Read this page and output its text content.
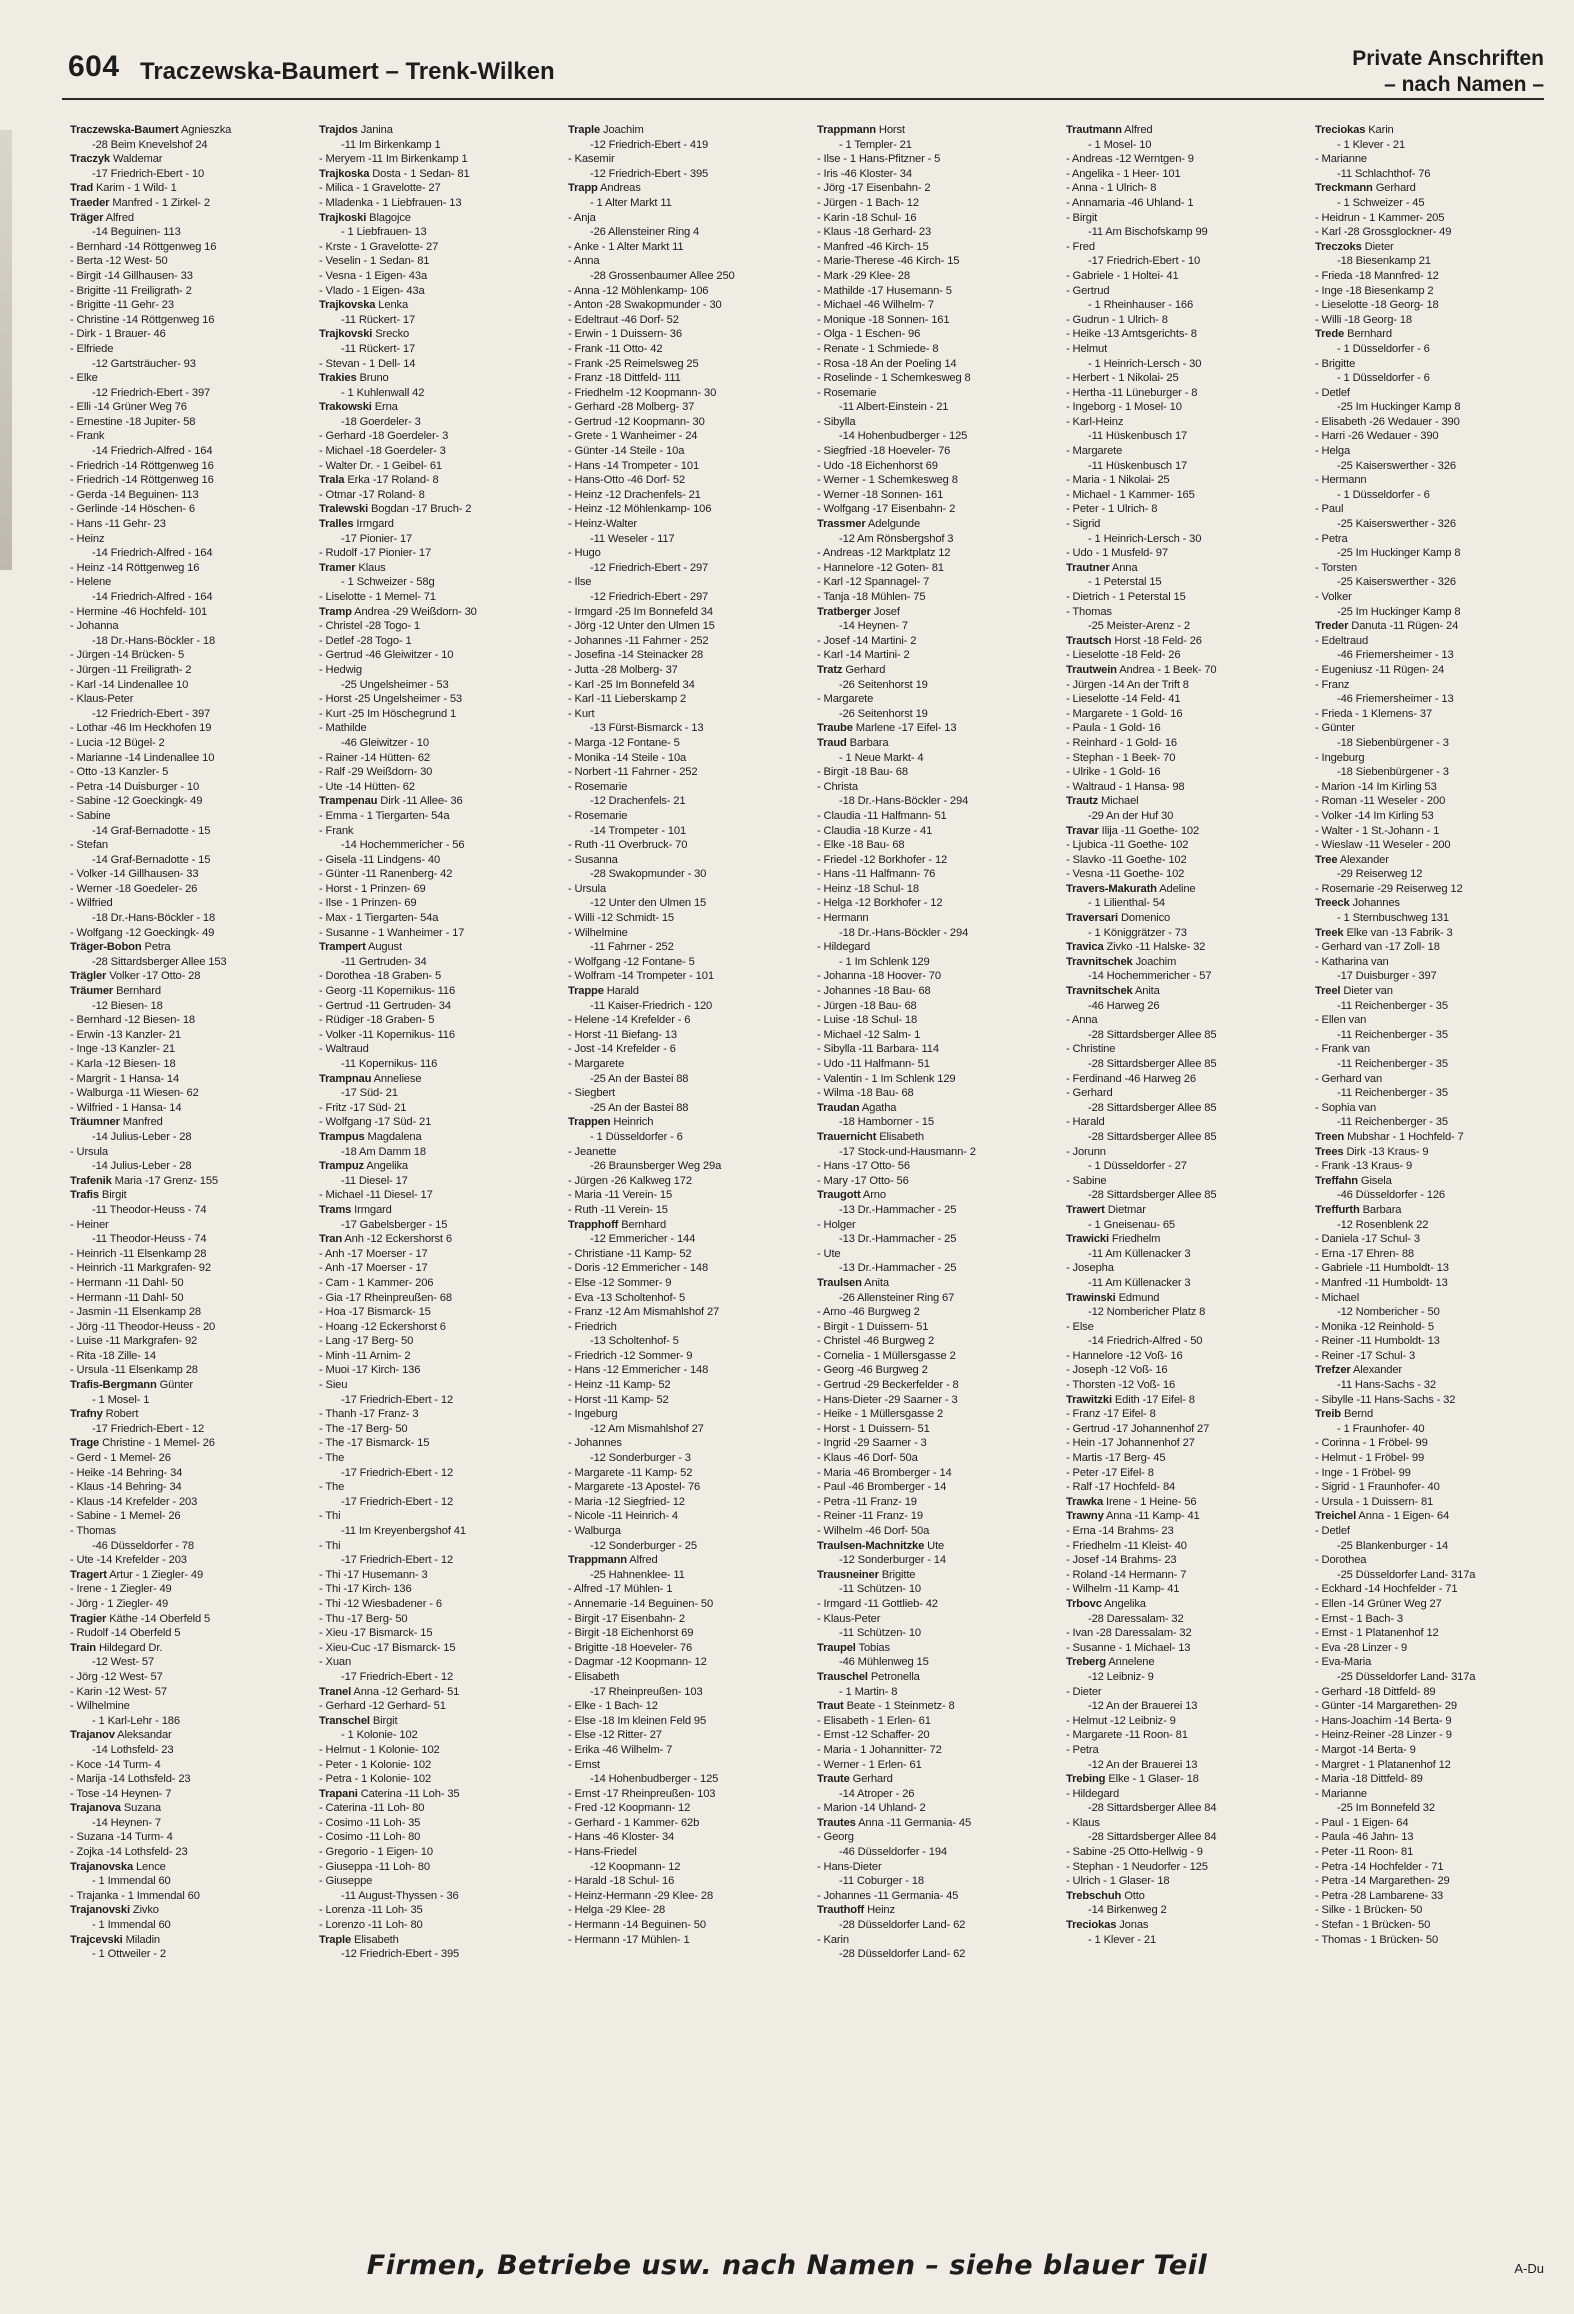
604 Traczewska-Baumert – Trenk-Wilken	Private Anschriften
– nach Namen –
Traczewska-Baumert Agnieszka
-28 Beim Knevelshof 24
Traczyk Waldemar
-17 Friedrich-Ebert - 10
Trad Karim - 1 Wild- 1
Traeder Manfred - 1 Zirkel- 2
Träger Alfred
-14 Beguinen- 113
- Bernhard -14 Röttgenweg 16
- Berta -12 West- 50
- Birgit -14 Gillhausen- 33
- Brigitte -11 Freiligrath- 2
- Brigitte -11 Gehr- 23
- Christine -14 Röttgenweg 16
- Dirk - 1 Brauer- 46
- Elfriede
-12 Gartsträucher- 93
- Elke
-12 Friedrich-Ebert - 397
- Elli -14 Grüner Weg 76
- Ernestine -18 Jupiter- 58
- Frank
-14 Friedrich-Alfred - 164
- Friedrich -14 Röttgenweg 16
- Friedrich -14 Röttgenweg 16
- Gerda -14 Beguinen- 113
- Gerlinde -14 Höschen- 6
- Hans -11 Gehr- 23
- Heinz
-14 Friedrich-Alfred - 164
- Heinz -14 Röttgenweg 16
- Helene
-14 Friedrich-Alfred - 164
- Hermine -46 Hochfeld- 101
- Johanna
-18 Dr.-Hans-Böckler - 18
- Jürgen -14 Brücken- 5
- Jürgen -11 Freiligrath- 2
- Karl -14 Lindenallee 10
- Klaus-Peter
-12 Friedrich-Ebert - 397
- Lothar -46 Im Heckhofen 19
- Lucia -12 Bügel- 2
- Marianne -14 Lindenallee 10
- Otto -13 Kanzler- 5
- Petra -14 Duisburger - 10
- Sabine -12 Goeckingk- 49
- Sabine
-14 Graf-Bernadotte - 15
- Stefan
-14 Graf-Bernadotte - 15
- Volker -14 Gillhausen- 33
- Werner -18 Goedeler- 26
- Wilfried
-18 Dr.-Hans-Böckler - 18
- Wolfgang -12 Goeckingk- 49
Träger-Bobon Petra
-28 Sittardsberger Allee 153
Trägler Volker -17 Otto- 28
Träumer Bernhard
-12 Biesen- 18
- Bernhard -12 Biesen- 18
- Erwin -13 Kanzler- 21
- Inge -13 Kanzler- 21
- Karla -12 Biesen- 18
- Margrit - 1 Hansa- 14
- Walburga -11 Wiesen- 62
- Wilfried - 1 Hansa- 14
Träumner Manfred
-14 Julius-Leber - 28
- Ursula
-14 Julius-Leber - 28
Trafenik Maria -17 Grenz- 155
Trafis Birgit
-11 Theodor-Heuss - 74
- Heiner
-11 Theodor-Heuss - 74
- Heinrich -11 Elsenkamp 28
- Heinrich -11 Markgrafen- 92
- Hermann -11 Dahl- 50
- Hermann -11 Dahl- 50
- Jasmin -11 Elsenkamp 28
- Jörg -11 Theodor-Heuss - 20
- Luise -11 Markgrafen- 92
- Rita -18 Zille- 14
- Ursula -11 Elsenkamp 28
Trafis-Bergmann Günter
- 1 Mosel- 1
Trafny Robert
-17 Friedrich-Ebert - 12
Trage Christine - 1 Memel- 26
- Gerd - 1 Memel- 26
- Heike -14 Behring- 34
- Klaus -14 Behring- 34
- Klaus -14 Krefelder - 203
- Sabine - 1 Memel- 26
- Thomas
-46 Düsseldorfer - 78
- Ute -14 Krefelder - 203
Tragert Artur - 1 Ziegler- 49
- Irene - 1 Ziegler- 49
- Jörg - 1 Ziegler- 49
Tragier Käthe -14 Oberfeld 5
- Rudolf -14 Oberfeld 5
Train Hildegard Dr.
-12 West- 57
- Jörg -12 West- 57
- Karin -12 West- 57
- Wilhelmine
- 1 Karl-Lehr - 186
Trajanov Aleksandar
-14 Lothsfeld- 23
- Koce -14 Turm- 4
- Marija -14 Lothsfeld- 23
- Tose -14 Heynen- 7
Trajanova Suzana
-14 Heynen- 7
- Suzana -14 Turm- 4
- Zojka -14 Lothsfeld- 23
Trajanovska Lence
- 1 Immendal 60
- Trajanka - 1 Immendal 60
Trajanovski Zivko
- 1 Immendal 60
Trajcevski Miladin
- 1 Ottweiler - 2
Trajdos Janina
-11 Im Birkenkamp 1
- Meryem -11 Im Birkenkamp 1
Trajkoska Dosta - 1 Sedan- 81
- Milica - 1 Gravelotte- 27
- Mladenka - 1 Liebfrauen- 13
Trajkoski Blagojce
- 1 Liebfrauen- 13
- Krste - 1 Gravelotte- 27
- Veselin - 1 Sedan- 81
- Vesna - 1 Eigen- 43a
- Vlado - 1 Eigen- 43a
Trajkovska Lenka
-11 Rückert- 17
Trajkovski Srecko
-11 Rückert- 17
- Stevan - 1 Dell- 14
Trakies Bruno
- 1 Kuhlenwall 42
Trakowski Erna
-18 Goerdeler- 3
- Gerhard -18 Goerdeler- 3
- Michael -18 Goerdeler- 3
- Walter Dr. - 1 Geibel- 61
Trala Erka -17 Roland- 8
- Otmar -17 Roland- 8
Tralewski Bogdan -17 Bruch- 2
Tralles Irmgard
-17 Pionier- 17
- Rudolf -17 Pionier- 17
Tramer Klaus
- 1 Schweizer - 58g
- Liselotte - 1 Memel- 71
Tramp Andrea -29 Weißdorn- 30
- Christel -28 Togo- 1
- Detlef -28 Togo- 1
- Gertrud -46 Gleiwitzer - 10
- Hedwig
-25 Ungelsheimer - 53
- Horst -25 Ungelsheimer - 53
- Kurt -25 Im Höschegrund 1
- Mathilde
-46 Gleiwitzer - 10
- Rainer -14 Hütten- 62
- Ralf -29 Weißdorn- 30
- Ute -14 Hütten- 62
Trampenau Dirk -11 Allee- 36
- Emma - 1 Tiergarten- 54a
- Frank
-14 Hochemmericher - 56
- Gisela -11 Lindgens- 40
- Günter -11 Ranenberg- 42
- Horst - 1 Prinzen- 69
- Ilse - 1 Prinzen- 69
- Max - 1 Tiergarten- 54a
- Susanne - 1 Wanheimer - 17
Trampert August
-11 Gertruden- 34
- Dorothea -18 Graben- 5
- Georg -11 Kopernikus- 116
- Gertrud -11 Gertruden- 34
- Rüdiger -18 Graben- 5
- Volker -11 Kopernikus- 116
- Waltraud
-11 Kopernikus- 116
Trampnau Anneliese
-17 Süd- 21
- Fritz -17 Süd- 21
- Wolfgang -17 Süd- 21
Trampus Magdalena
-18 Am Damm 18
Trampuz Angelika
-11 Diesel- 17
- Michael -11 Diesel- 17
Trams Irmgard
-17 Gabelsberger - 15
Tran Anh -12 Eckershorst 6
- Anh -17 Moerser - 17
- Anh -17 Moerser - 17
- Cam - 1 Kammer- 206
- Gia -17 Rheinpreußen- 68
- Hoa -17 Bismarck- 15
- Hoang -12 Eckershorst 6
- Lang -17 Berg- 50
- Minh -11 Arnim- 2
- Muoi -17 Kirch- 136
- Sieu
-17 Friedrich-Ebert - 12
- Thanh -17 Franz- 3
- The -17 Berg- 50
- The -17 Bismarck- 15
- The
-17 Friedrich-Ebert - 12
- The
-17 Friedrich-Ebert - 12
- Thi
-11 Im Kreyenbergshof 41
- Thi
-17 Friedrich-Ebert - 12
- Thi -17 Husemann- 3
- Thi -17 Kirch- 136
- Thi -12 Wiesbadener - 6
- Thu -17 Berg- 50
- Xieu -17 Bismarck- 15
- Xieu-Cuc -17 Bismarck- 15
- Xuan
-17 Friedrich-Ebert - 12
Tranel Anna -12 Gerhard- 51
- Gerhard -12 Gerhard- 51
Transchel Birgit
- 1 Kolonie- 102
- Helmut - 1 Kolonie- 102
- Peter - 1 Kolonie- 102
- Petra - 1 Kolonie- 102
Trapani Caterina -11 Loh- 35
- Caterina -11 Loh- 80
- Cosimo -11 Loh- 35
- Cosimo -11 Loh- 80
- Gregorio - 1 Eigen- 10
- Giuseppa -11 Loh- 80
- Giuseppe
-11 August-Thyssen - 36
- Lorenza -11 Loh- 35
- Lorenzo -11 Loh- 80
Traple Elisabeth
-12 Friedrich-Ebert - 395
Traple Joachim
-12 Friedrich-Ebert - 419
- Kasemir
-12 Friedrich-Ebert - 395
Trapp Andreas
- 1 Alter Markt 11
- Anja
-26 Allensteiner Ring 4
- Anke - 1 Alter Markt 11
- Anna
-28 Grossenbaumer Allee 250
- Anna -12 Möhlenkamp- 106
- Anton -28 Swakopmunder - 30
- Edeltraut -46 Dorf- 52
- Erwin - 1 Duissern- 36
- Frank -11 Otto- 42
- Frank -25 Reimelsweg 25
- Franz -18 Dittfeld- 111
- Friedhelm -12 Koopmann- 30
- Gerhard -28 Molberg- 37
- Gertrud -12 Koopmann- 30
- Grete - 1 Wanheimer - 24
- Günter -14 Steile - 10a
- Hans -14 Trompeter - 101
- Hans-Otto -46 Dorf- 52
- Heinz -12 Drachenfels- 21
- Heinz -12 Möhlenkamp- 106
- Heinz-Walter
-11 Weseler - 117
- Hugo
-12 Friedrich-Ebert - 297
- Ilse
-12 Friedrich-Ebert - 297
- Irmgard -25 Im Bonnefeld 34
- Jörg -12 Unter den Ulmen 15
- Johannes -11 Fahrner - 252
- Josefina -14 Steinacker 28
- Jutta -28 Molberg- 37
- Karl -25 Im Bonnefeld 34
- Karl -11 Lieberskamp 2
- Kurt
-13 Fürst-Bismarck - 13
- Marga -12 Fontane- 5
- Monika -14 Steile - 10a
- Norbert -11 Fahrner - 252
- Rosemarie
-12 Drachenfels- 21
- Rosemarie
-14 Trompeter - 101
- Ruth -11 Overbruck- 70
- Susanna
-28 Swakopmunder - 30
- Ursula
-12 Unter den Ulmen 15
- Willi -12 Schmidt- 15
- Wilhelmine
-11 Fahrner - 252
- Wolfgang -12 Fontane- 5
- Wolfram -14 Trompeter - 101
Trappe Harald
-11 Kaiser-Friedrich - 120
- Helene -14 Krefelder - 6
- Horst -11 Biefang- 13
- Jost -14 Krefelder - 6
- Margarete
-25 An der Bastei 88
- Siegbert
-25 An der Bastei 88
Trappen Heinrich
- 1 Düsseldorfer - 6
- Jeanette
-26 Braunsberger Weg 29a
- Jürgen -26 Kalkweg 172
- Maria -11 Verein- 15
- Ruth -11 Verein- 15
Trapphoff Bernhard
-12 Emmericher - 144
- Christiane -11 Kamp- 52
- Doris -12 Emmericher - 148
- Else -12 Sommer- 9
- Eva -13 Scholtenhof- 5
- Franz -12 Am Mismahlshof 27
- Friedrich
-13 Scholtenhof- 5
- Friedrich -12 Sommer- 9
- Hans -12 Emmericher - 148
- Heinz -11 Kamp- 52
- Horst -11 Kamp- 52
- Ingeburg
-12 Am Mismahlshof 27
- Johannes
-12 Sonderburger - 3
- Margarete -11 Kamp- 52
- Margarete -13 Apostel- 76
- Maria -12 Siegfried- 12
- Nicole -11 Heinrich- 4
- Walburga
-12 Sonderburger - 25
Trappmann Alfred
-25 Hahnenklee- 11
- Alfred -17 Mühlen- 1
- Annemarie -14 Beguinen- 50
- Birgit -17 Eisenbahn- 2
- Birgit -18 Eichenhorst 69
- Brigitte -18 Hoeveler- 76
- Dagmar -12 Koopmann- 12
- Elisabeth
-17 Rheinpreußen- 103
- Elke - 1 Bach- 12
- Else -18 Im kleinen Feld 95
- Else -12 Ritter- 27
- Erika -46 Wilhelm- 7
- Ernst
-14 Hohenbudberger - 125
- Ernst -17 Rheinpreußen- 103
- Fred -12 Koopmann- 12
- Gerhard - 1 Kammer- 62b
- Hans -46 Kloster- 34
- Hans-Friedel
-12 Koopmann- 12
- Harald -18 Schul- 16
- Heinz-Hermann -29 Klee- 28
- Helga -29 Klee- 28
- Hermann -14 Beguinen- 50
- Hermann -17 Mühlen- 1
Trappmann Horst
- 1 Templer- 21
- Ilse - 1 Hans-Pfitzner - 5
- Iris -46 Kloster- 34
- Jörg -17 Eisenbahn- 2
- Jürgen - 1 Bach- 12
- Karin -18 Schul- 16
- Klaus -18 Gerhard- 23
- Manfred -46 Kirch- 15
- Marie-Therese -46 Kirch- 15
- Mark -29 Klee- 28
- Mathilde -17 Husemann- 5
- Michael -46 Wilhelm- 7
- Monique -18 Sonnen- 161
- Olga - 1 Eschen- 96
- Renate - 1 Schmiede- 8
- Rosa -18 An der Poeling 14
- Roselinde - 1 Schemkesweg 8
- Rosemarie
-11 Albert-Einstein - 21
- Sibylla
-14 Hohenbudberger - 125
- Siegfried -18 Hoeveler- 76
- Udo -18 Eichenhorst 69
- Werner - 1 Schemkesweg 8
- Werner -18 Sonnen- 161
- Wolfgang -17 Eisenbahn- 2
Trassmer Adelgunde
-12 Am Rönsbergshof 3
- Andreas -12 Marktplatz 12
- Hannelore -12 Goten- 81
- Karl -12 Spannagel- 7
- Tanja -18 Mühlen- 75
Tratberger Josef
-14 Heynen- 7
- Josef -14 Martini- 2
- Karl -14 Martini- 2
Tratz Gerhard
-26 Seitenhorst 19
- Margarete
-26 Seitenhorst 19
Traube Marlene -17 Eifel- 13
Traud Barbara
- 1 Neue Markt- 4
- Birgit -18 Bau- 68
- Christa
-18 Dr.-Hans-Böckler - 294
- Claudia -11 Halfmann- 51
- Claudia -18 Kurze - 41
- Elke -18 Bau- 68
- Friedel -12 Borkhofer - 12
- Hans -11 Halfmann- 76
- Heinz -18 Schul- 18
- Helga -12 Borkhofer - 12
- Hermann
-18 Dr.-Hans-Böckler - 294
- Hildegard
- 1 Im Schlenk 129
- Johanna -18 Hoover- 70
- Johannes -18 Bau- 68
- Jürgen -18 Bau- 68
- Luise -18 Schul- 18
- Michael -12 Salm- 1
- Sibylla -11 Barbara- 114
- Udo -11 Halfmann- 51
- Valentin - 1 Im Schlenk 129
- Wilma -18 Bau- 68
Traudan Agatha
-18 Hamborner - 15
Trauernicht Elisabeth
-17 Stock-und-Hausmann- 2
- Hans -17 Otto- 56
- Mary -17 Otto- 56
Traugott Arno
-13 Dr.-Hammacher - 25
- Holger
-13 Dr.-Hammacher - 25
- Ute
-13 Dr.-Hammacher - 25
Traulsen Anita
-26 Allensteiner Ring 67
- Arno -46 Burgweg 2
- Birgit - 1 Duissern- 51
- Christel -46 Burgweg 2
- Cornelia - 1 Müllersgasse 2
- Georg -46 Burgweg 2
- Gertrud -29 Beckerfelder - 8
- Hans-Dieter -29 Saarner - 3
- Heike - 1 Müllersgasse 2
- Horst - 1 Duissern- 51
- Ingrid -29 Saarner - 3
- Klaus -46 Dorf- 50a
- Maria -46 Bromberger - 14
- Paul -46 Bromberger - 14
- Petra -11 Franz- 19
- Reiner -11 Franz- 19
- Wilhelm -46 Dorf- 50a
Traulsen-Machnitzke Ute
-12 Sonderburger - 14
Trausneiner Brigitte
-11 Schützen- 10
- Irmgard -11 Gottlieb- 42
- Klaus-Peter
-11 Schützen- 10
Traupel Tobias
-46 Mühlenweg 15
Trauschel Petronella
- 1 Martin- 8
Traut Beate - 1 Steinmetz- 8
- Elisabeth - 1 Erlen- 61
- Ernst -12 Schaffer- 20
- Maria - 1 Johannitter- 72
- Werner - 1 Erlen- 61
Traute Gerhard
-14 Atroper - 26
- Marion -14 Uhland- 2
Trautes Anna -11 Germania- 45
- Georg
-46 Düsseldorfer - 194
- Hans-Dieter
-11 Coburger - 18
- Johannes -11 Germania- 45
Trauthoff Heinz
-28 Düsseldorfer Land- 62
- Karin
-28 Düsseldorfer Land- 62
Trautmann Alfred
- 1 Mosel- 10
- Andreas -12 Werntgen- 9
- Angelika - 1 Heer- 101
- Anna - 1 Ulrich- 8
- Annamaria -46 Uhland- 1
- Birgit
-11 Am Bischofskamp 99
- Fred
-17 Friedrich-Ebert - 10
- Gabriele - 1 Holtei- 41
- Gertrud
- 1 Rheinhauser - 166
- Gudrun - 1 Ulrich- 8
- Heike -13 Amtsgerichts- 8
- Helmut
- 1 Heinrich-Lersch - 30
- Herbert - 1 Nikolai- 25
- Hertha -11 Lüneburger - 8
- Ingeborg - 1 Mosel- 10
- Karl-Heinz
-11 Hüskenbusch 17
- Margarete
-11 Hüskenbusch 17
- Maria - 1 Nikolai- 25
- Michael - 1 Kammer- 165
- Peter - 1 Ulrich- 8
- Sigrid
- 1 Heinrich-Lersch - 30
- Udo - 1 Musfeld- 97
Trautner Anna
- 1 Peterstal 15
- Dietrich - 1 Peterstal 15
- Thomas
-25 Meister-Arenz - 2
Trautsch Horst -18 Feld- 26
- Lieselotte -18 Feld- 26
Trautwein Andrea - 1 Beek- 70
- Jürgen -14 An der Trift 8
- Lieselotte -14 Feld- 41
- Margarete - 1 Gold- 16
- Paula - 1 Gold- 16
- Reinhard - 1 Gold- 16
- Stephan - 1 Beek- 70
- Ulrike - 1 Gold- 16
- Waltraud - 1 Hansa- 98
Trautz Michael
-29 An der Huf 30
Travar Ilija -11 Goethe- 102
- Ljubica -11 Goethe- 102
- Slavko -11 Goethe- 102
- Vesna -11 Goethe- 102
Travers-Makurath Adeline
- 1 Lilienthal- 54
Traversari Domenico
- 1 Königgrätzer - 73
Travica Zivko -11 Halske- 32
Travnitschek Joachim
-14 Hochemmericher - 57
Travnitschek Anita
-46 Harweg 26
- Anna
-28 Sittardsberger Allee 85
- Christine
-28 Sittardsberger Allee 85
- Ferdinand -46 Harweg 26
- Gerhard
-28 Sittardsberger Allee 85
- Harald
-28 Sittardsberger Allee 85
- Jorunn
- 1 Düsseldorfer - 27
- Sabine
-28 Sittardsberger Allee 85
Trawert Dietmar
- 1 Gneisenau- 65
Trawicki Friedhelm
-11 Am Küllenacker 3
- Josepha
-11 Am Küllenacker 3
Trawinski Edmund
-12 Nombericher Platz 8
- Else
-14 Friedrich-Alfred - 50
- Hannelore -12 Voß- 16
- Joseph -12 Voß- 16
- Thorsten -12 Voß- 16
Trawitzki Edith -17 Eifel- 8
- Franz -17 Eifel- 8
- Gertrud -17 Johannenhof 27
- Hein -17 Johannenhof 27
- Martis -17 Berg- 45
- Peter -17 Eifel- 8
- Ralf -17 Hochfeld- 84
Trawka Irene - 1 Heine- 56
Trawny Anna -11 Kamp- 41
- Erna -14 Brahms- 23
- Friedhelm -11 Kleist- 40
- Josef -14 Brahms- 23
- Roland -14 Hermann- 7
- Wilhelm -11 Kamp- 41
Trbovc Angelika
-28 Daressalam- 32
- Ivan -28 Daressalam- 32
- Susanne - 1 Michael- 13
Treberg Annelene
-12 Leibniz- 9
- Dieter
-12 An der Brauerei 13
- Helmut -12 Leibniz- 9
- Margarete -11 Roon- 81
- Petra
-12 An der Brauerei 13
Trebing Elke - 1 Glaser- 18
- Hildegard
-28 Sittardsberger Allee 84
- Klaus
-28 Sittardsberger Allee 84
- Sabine -25 Otto-Hellwig - 9
- Stephan - 1 Neudorfer - 125
- Ulrich - 1 Glaser- 18
Trebschuh Otto
-14 Birkenweg 2
Treciokas Jonas
- 1 Klever - 21
Treciokas Karin
- 1 Klever - 21
- Marianne
-11 Schlachthof- 76
Treckmann Gerhard
- 1 Schweizer - 45
- Heidrun - 1 Kammer- 205
- Karl -28 Grossglockner- 49
Treczoks Dieter
-18 Biesenkamp 21
- Frieda -18 Mannfred- 12
- Inge -18 Biesenkamp 2
- Lieselotte -18 Georg- 18
- Willi -18 Georg- 18
Trede Bernhard
- 1 Düsseldorfer - 6
- Brigitte
- 1 Düsseldorfer - 6
- Detlef
-25 Im Huckinger Kamp 8
- Elisabeth -26 Wedauer - 390
- Harri -26 Wedauer - 390
- Helga
-25 Kaiserswerther - 326
- Hermann
- 1 Düsseldorfer - 6
- Paul
-25 Kaiserswerther - 326
- Petra
-25 Im Huckinger Kamp 8
- Torsten
-25 Kaiserswerther - 326
- Volker
-25 Im Huckinger Kamp 8
Treder Danuta -11 Rügen- 24
- Edeltraud
-46 Friemersheimer - 13
- Eugeniusz -11 Rügen- 24
- Franz
-46 Friemersheimer - 13
- Frieda - 1 Klemens- 37
- Günter
-18 Siebenbürgener - 3
- Ingeburg
-18 Siebenbürgener - 3
- Marion -14 Im Kirling 53
- Roman -11 Weseler - 200
- Volker -14 Im Kirling 53
- Walter - 1 St.-Johann - 1
- Wieslaw -11 Weseler - 200
Tree Alexander
-29 Reiserweg 12
- Rosemarie -29 Reiserweg 12
Treeck Johannes
- 1 Sternbuschweg 131
Treek Elke van -13 Fabrik- 3
- Gerhard van -17 Zoll- 18
- Katharina van
-17 Duisburger - 397
Treel Dieter van
-11 Reichenberger - 35
- Ellen van
-11 Reichenberger - 35
- Frank van
-11 Reichenberger - 35
- Gerhard van
-11 Reichenberger - 35
- Sophia van
-11 Reichenberger - 35
Treen Mubshar - 1 Hochfeld- 7
Trees Dirk -13 Kraus- 9
- Frank -13 Kraus- 9
Treffahn Gisela
-46 Düsseldorfer - 126
Treffurth Barbara
-12 Rosenblenk 22
- Daniela -17 Schul- 3
- Erna -17 Ehren- 88
- Gabriele -11 Humboldt- 13
- Manfred -11 Humboldt- 13
- Michael
-12 Nombericher - 50
- Monika -12 Reinhold- 5
- Reiner -11 Humboldt- 13
- Reiner -17 Schul- 3
Trefzer Alexander
-11 Hans-Sachs - 32
- Sibylle -11 Hans-Sachs - 32
Treib Bernd
- 1 Fraunhofer- 40
- Corinna - 1 Fröbel- 99
- Helmut - 1 Fröbel- 99
- Inge - 1 Fröbel- 99
- Sigrid - 1 Fraunhofer- 40
- Ursula - 1 Duissern- 81
Treichel Anna - 1 Eigen- 64
- Detlef
-25 Blankenburger - 14
- Dorothea
-25 Düsseldorfer Land- 317a
- Eckhard -14 Hochfelder - 71
- Ellen -14 Grüner Weg 27
- Ernst - 1 Bach- 3
- Ernst - 1 Platanenhof 12
- Eva -28 Linzer - 9
- Eva-Maria
-25 Düsseldorfer Land- 317a
- Gerhard -18 Dittfeld- 89
- Günter -14 Margarethen- 29
- Hans-Joachim -14 Berta- 9
- Heinz-Reiner -28 Linzer - 9
- Margot -14 Berta- 9
- Margret - 1 Platanenhof 12
- Maria -18 Dittfeld- 89
- Marianne
-25 Im Bonnefeld 32
- Paul - 1 Eigen- 64
- Paula -46 Jahn- 13
- Peter -11 Roon- 81
- Petra -14 Hochfelder - 71
- Petra -14 Margarethen- 29
- Petra -28 Lambarene- 33
- Silke - 1 Brücken- 50
- Stefan - 1 Brücken- 50
- Thomas - 1 Brücken- 50
Firmen, Betriebe usw. nach Namen – siehe blauer Teil	A-Du
